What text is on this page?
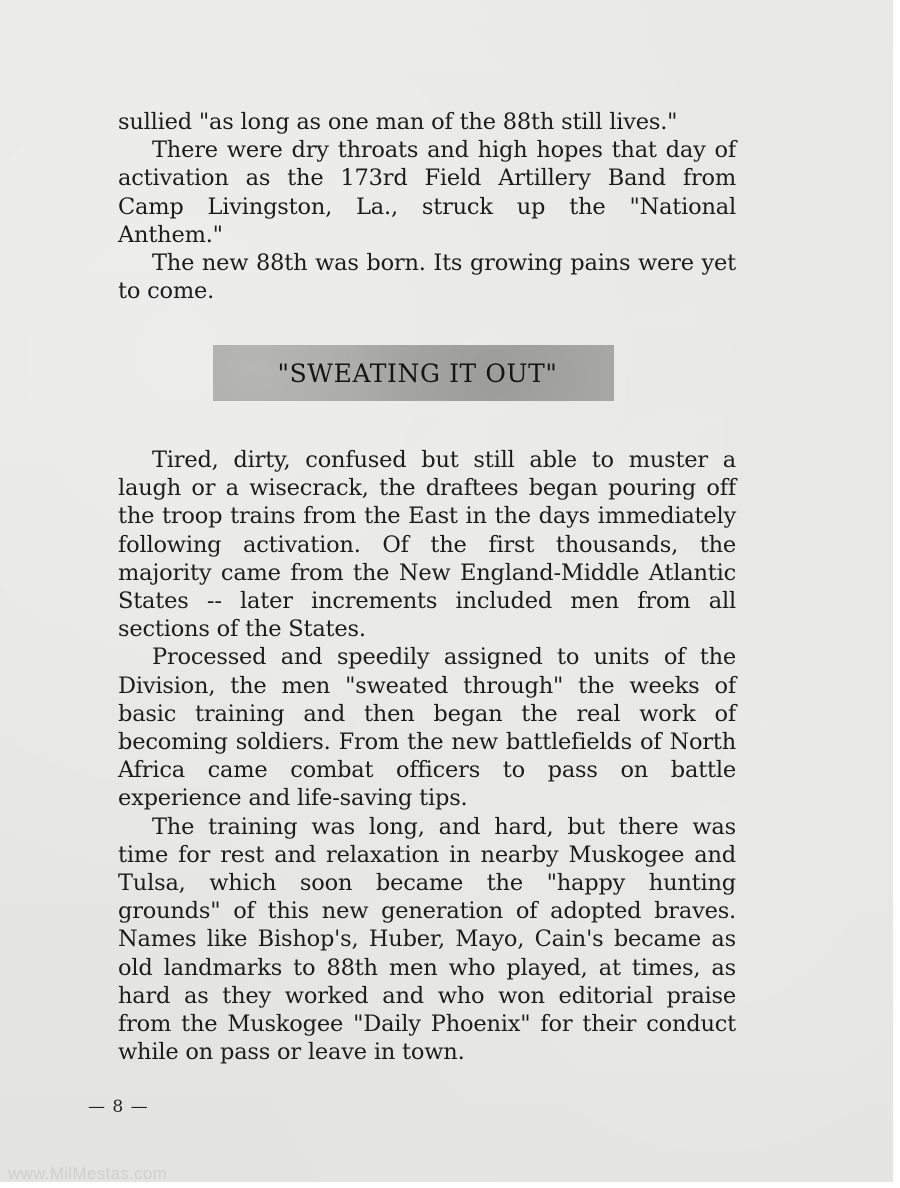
sullied "as long as one man of the 88th still lives."

There were dry throats and high hopes that day of activation as the 173rd Field Artillery Band from Camp Livingston, La., struck up the "National Anthem."

The new 88th was born. Its growing pains were yet to come.

"SWEATING IT OUT"

Tired, dirty, confused but still able to muster a laugh or a wisecrack, the draftees began pouring off the troop trains from the East in the days immediately following activation. Of the first thousands, the majority came from the New England-Middle Atlantic States -- later increments included men from all sections of the States.

Processed and speedily assigned to units of the Division, the men "sweated through" the weeks of basic training and then began the real work of becoming soldiers. From the new battlefields of North Africa came combat officers to pass on battle experience and life-saving tips.

The training was long, and hard, but there was time for rest and relaxation in nearby Muskogee and Tulsa, which soon became the "happy hunting grounds" of this new generation of adopted braves. Names like Bishop's, Huber, Mayo, Cain's became as old landmarks to 88th men who played, at times, as hard as they worked and who won editorial praise from the Muskogee "Daily Phoenix" for their conduct while on pass or leave in town.

— 8 —
www.MilMestas.com
